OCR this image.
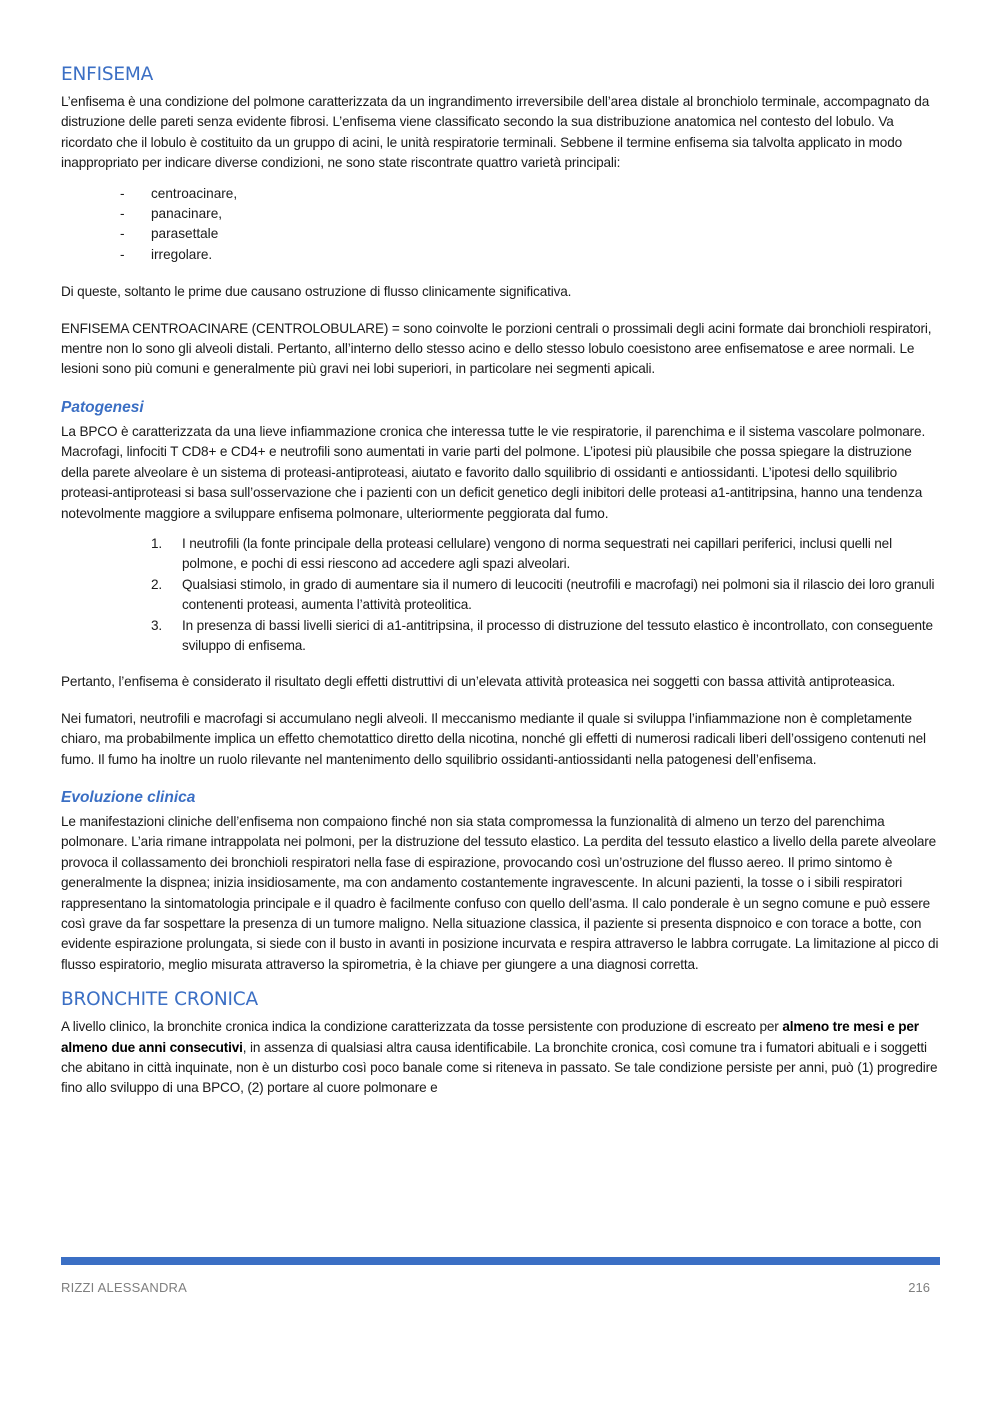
ENFISEMA

L’enfisema è una condizione del polmone caratterizzata da un ingrandimento irreversibile dell’area distale al bronchiolo terminale, accompagnato da distruzione delle pareti senza evidente fibrosi. L’enfisema viene classificato secondo la sua distribuzione anatomica nel contesto del lobulo. Va ricordato che il lobulo è costituito da un gruppo di acini, le unità respiratorie terminali. Sebbene il termine enfisema sia talvolta applicato in modo inappropriato per indicare diverse condizioni, ne sono state riscontrate quattro varietà principali:

-	centroacinare,
-	panacinare,
-	parasettale
-	irregolare.

Di queste, soltanto le prime due causano ostruzione di flusso clinicamente significativa.

ENFISEMA CENTROACINARE (CENTROLOBULARE) = sono coinvolte le porzioni centrali o prossimali degli acini formate dai bronchioli respiratori, mentre non lo sono gli alveoli distali. Pertanto, all’interno dello stesso acino e dello stesso lobulo coesistono aree enfisematose e aree normali. Le lesioni sono più comuni e generalmente più gravi nei lobi superiori, in particolare nei segmenti apicali.

Patogenesi

La BPCO è caratterizzata da una lieve infiammazione cronica che interessa tutte le vie respiratorie, il parenchima e il sistema vascolare polmonare. Macrofagi, linfociti T CD8+ e CD4+ e neutrofili sono aumentati in varie parti del polmone. L’ipotesi più plausibile che possa spiegare la distruzione della parete alveolare è un sistema di proteasi-antiproteasi, aiutato e favorito dallo squilibrio di ossidanti e antiossidanti. L’ipotesi dello squilibrio proteasi-antiproteasi si basa sull’osservazione che i pazienti con un deficit genetico degli inibitori delle proteasi a1-antitripsina, hanno una tendenza notevolmente maggiore a sviluppare enfisema polmonare, ulteriormente peggiorata dal fumo.

1.	I neutrofili (la fonte principale della proteasi cellulare) vengono di norma sequestrati nei capillari periferici, inclusi quelli nel polmone, e pochi di essi riescono ad accedere agli spazi alveolari.
2.	Qualsiasi stimolo, in grado di aumentare sia il numero di leucociti (neutrofili e macrofagi) nei polmoni sia il rilascio dei loro granuli contenenti proteasi, aumenta l’attività proteolitica.
3.	In presenza di bassi livelli sierici di a1-antitripsina, il processo di distruzione del tessuto elastico è incontrollato, con conseguente sviluppo di enfisema.

Pertanto, l’enfisema è considerato il risultato degli effetti distruttivi di un’elevata attività proteasica nei soggetti con bassa attività antiproteasica.

Nei fumatori, neutrofili e macrofagi si accumulano negli alveoli. Il meccanismo mediante il quale si sviluppa l’infiammazione non è completamente chiaro, ma probabilmente implica un effetto chemotattico diretto della nicotina, nonché gli effetti di numerosi radicali liberi dell’ossigeno contenuti nel fumo. Il fumo ha inoltre un ruolo rilevante nel mantenimento dello squilibrio ossidanti-antiossidanti nella patogenesi dell’enfisema.

Evoluzione clinica

Le manifestazioni cliniche dell’enfisema non compaiono finché non sia stata compromessa la funzionalità di almeno un terzo del parenchima polmonare. L’aria rimane intrappolata nei polmoni, per la distruzione del tessuto elastico. La perdita del tessuto elastico a livello della parete alveolare provoca il collassamento dei bronchioli respiratori nella fase di espirazione, provocando così un’ostruzione del flusso aereo. Il primo sintomo è generalmente la dispnea; inizia insidiosamente, ma con andamento costantemente ingravescente. In alcuni pazienti, la tosse o i sibili respiratori rappresentano la sintomatologia principale e il quadro è facilmente confuso con quello dell’asma. Il calo ponderale è un segno comune e può essere così grave da far sospettare la presenza di un tumore maligno. Nella situazione classica, il paziente si presenta dispnoico e con torace a botte, con evidente espirazione prolungata, si siede con il busto in avanti in posizione incurvata e respira attraverso le labbra corrugate. La limitazione al picco di flusso espiratorio, meglio misurata attraverso la spirometria, è la chiave per giungere a una diagnosi corretta.

BRONCHITE CRONICA

A livello clinico, la bronchite cronica indica la condizione caratterizzata da tosse persistente con produzione di escreato per almeno tre mesi e per almeno due anni consecutivi, in assenza di qualsiasi altra causa identificabile. La bronchite cronica, così comune tra i fumatori abituali e i soggetti che abitano in città inquinate, non è un disturbo così poco banale come si riteneva in passato. Se tale condizione persiste per anni, può (1) progredire fino allo sviluppo di una BPCO, (2) portare al cuore polmonare e

RIZZI ALESSANDRA	216
